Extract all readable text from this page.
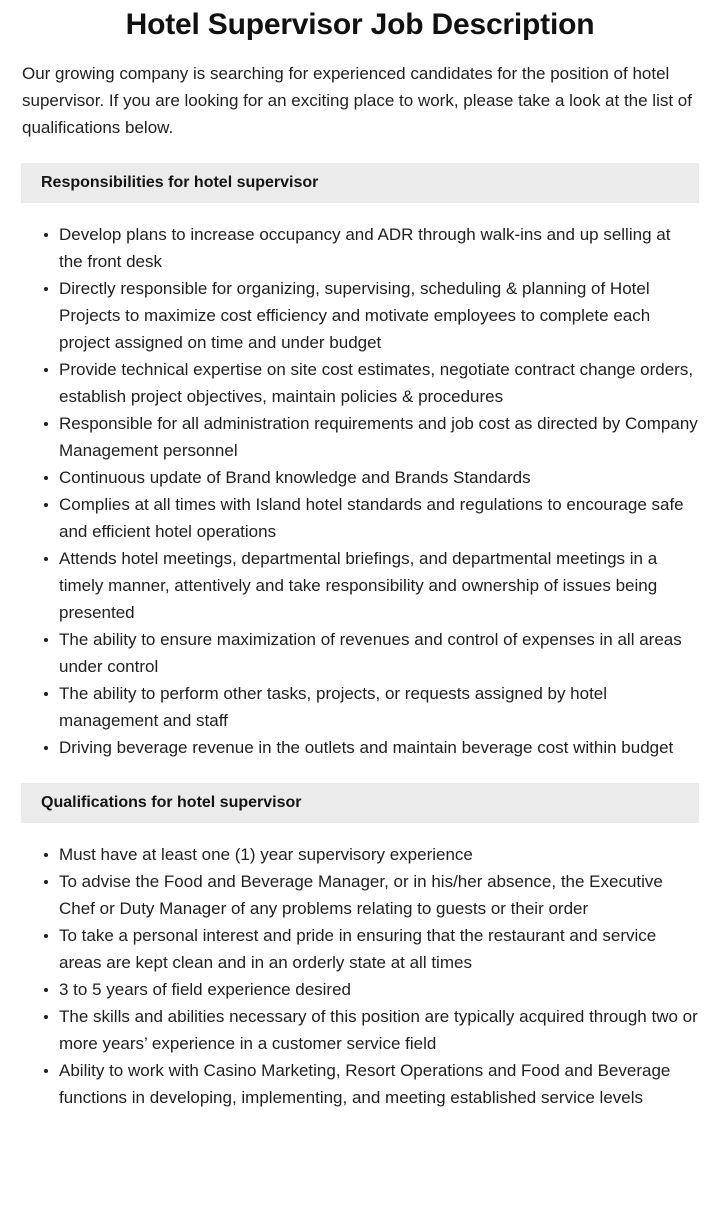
Hotel Supervisor Job Description

Our growing company is searching for experienced candidates for the position of hotel supervisor. If you are looking for an exciting place to work, please take a look at the list of qualifications below.

Responsibilities for hotel supervisor
Develop plans to increase occupancy and ADR through walk-ins and up selling at the front desk
Directly responsible for organizing, supervising, scheduling & planning of Hotel Projects to maximize cost efficiency and motivate employees to complete each project assigned on time and under budget
Provide technical expertise on site cost estimates, negotiate contract change orders, establish project objectives, maintain policies & procedures
Responsible for all administration requirements and job cost as directed by Company Management personnel
Continuous update of Brand knowledge and Brands Standards
Complies at all times with Island hotel standards and regulations to encourage safe and efficient hotel operations
Attends hotel meetings, departmental briefings, and departmental meetings in a timely manner, attentively and take responsibility and ownership of issues being presented
The ability to ensure maximization of revenues and control of expenses in all areas under control
The ability to perform other tasks, projects, or requests assigned by hotel management and staff
Driving beverage revenue in the outlets and maintain beverage cost within budget
Qualifications for hotel supervisor
Must have at least one (1) year supervisory experience
To advise the Food and Beverage Manager, or in his/her absence, the Executive Chef or Duty Manager of any problems relating to guests or their order
To take a personal interest and pride in ensuring that the restaurant and service areas are kept clean and in an orderly state at all times
3 to 5 years of field experience desired
The skills and abilities necessary of this position are typically acquired through two or more years’ experience in a customer service field
Ability to work with Casino Marketing, Resort Operations and Food and Beverage functions in developing, implementing, and meeting established service levels
